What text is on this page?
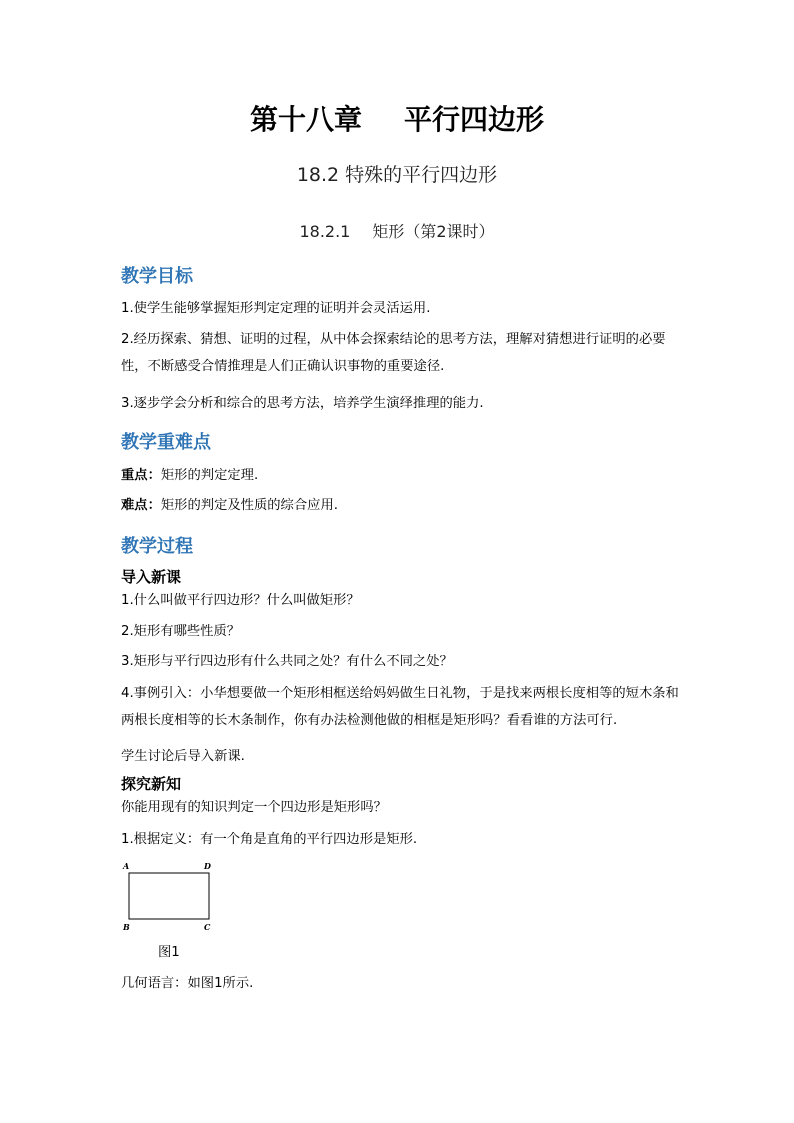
第十八章 平行四边形
18.2 特殊的平行四边形
18.2.1 矩形（第2课时）
教学目标
1.使学生能够掌握矩形判定定理的证明并会灵活运用.
2.经历探索、猜想、证明的过程，从中体会探索结论的思考方法，理解对猜想进行证明的必要性，不断感受合情推理是人们正确认识事物的重要途径.
3.逐步学会分析和综合的思考方法，培养学生演绎推理的能力.
教学重难点
重点：矩形的判定定理.
难点：矩形的判定及性质的综合应用.
教学过程
导入新课
1.什么叫做平行四边形？什么叫做矩形？
2.矩形有哪些性质？
3.矩形与平行四边形有什么共同之处？有什么不同之处？
4.事例引入：小华想要做一个矩形相框送给妈妈做生日礼物，于是找来两根长度相等的短木条和两根长度相等的长木条制作，你有办法检测他做的相框是矩形吗？看看谁的方法可行.
学生讨论后导入新课.
探究新知
你能用现有的知识判定一个四边形是矩形吗？
1.根据定义：有一个角是直角的平行四边形是矩形.
A	D
B	C
图1
几何语言：如图1所示.
